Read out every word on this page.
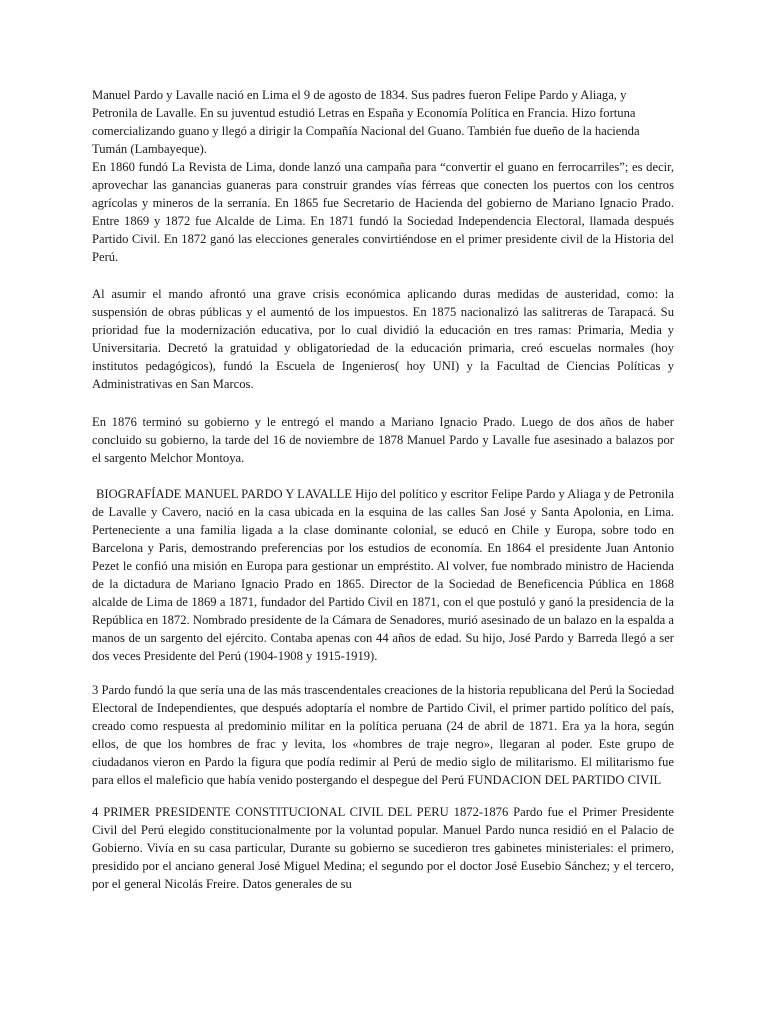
Manuel Pardo y Lavalle nació en Lima el 9 de agosto de 1834. Sus padres fueron Felipe Pardo y Aliaga, y Petronila de Lavalle. En su juventud estudió Letras en España y Economía Política en Francia. Hizo fortuna comercializando guano y llegó a dirigir la Compañía Nacional del Guano. También fue dueño de la hacienda Tumán (Lambayeque).

En 1860 fundó La Revista de Lima, donde lanzó una campaña para “convertir el guano en ferrocarriles”; es decir, aprovechar las ganancias guaneras para construir grandes vías férreas que conecten los puertos con los centros agrícolas y mineros de la serranía. En 1865 fue Secretario de Hacienda del gobierno de Mariano Ignacio Prado. Entre 1869 y 1872 fue Alcalde de Lima. En 1871 fundó la Sociedad Independencia Electoral, llamada después Partido Civil. En 1872 ganó las elecciones generales convirtiéndose en el primer presidente civil de la Historia del Perú.

Al asumir el mando afrontó una grave crisis económica aplicando duras medidas de austeridad, como: la suspensión de obras públicas y el aumentó de los impuestos. En 1875 nacionalizó las salitreras de Tarapacá. Su prioridad fue la modernización educativa, por lo cual dividió la educación en tres ramas: Primaria, Media y Universitaria. Decretó la gratuidad y obligatoriedad de la educación primaria, creó escuelas normales (hoy institutos pedagógicos), fundó la Escuela de Ingenieros( hoy UNI) y la Facultad de Ciencias Políticas y Administrativas en San Marcos.

En 1876 terminó su gobierno y le entregó el mando a Mariano Ignacio Prado. Luego de dos años de haber concluido su gobierno, la tarde del 16 de noviembre de 1878 Manuel Pardo y Lavalle fue asesinado a balazos por el sargento Melchor Montoya.

BIOGRAFÍADE MANUEL PARDO Y LAVALLE Hijo del político y escritor Felipe Pardo y Aliaga y de Petronila de Lavalle y Cavero, nació en la casa ubicada en la esquina de las calles San José y Santa Apolonia, en Lima. Perteneciente a una familia ligada a la clase dominante colonial, se educó en Chile y Europa, sobre todo en Barcelona y Paris, demostrando preferencias por los estudios de economía. En 1864 el presidente Juan Antonio Pezet le confió una misión en Europa para gestionar un empréstito. Al volver, fue nombrado ministro de Hacienda de la dictadura de Mariano Ignacio Prado en 1865. Director de la Sociedad de Beneficencia Pública en 1868 alcalde de Lima de 1869 a 1871, fundador del Partido Civil en 1871, con el que postuló y ganó la presidencia de la República en 1872. Nombrado presidente de la Cámara de Senadores, murió asesinado de un balazo en la espalda a manos de un sargento del ejército. Contaba apenas con 44 años de edad. Su hijo, José Pardo y Barreda llegó a ser dos veces Presidente del Perú (1904-1908 y 1915-1919).

3 Pardo fundó la que sería una de las más trascendentales creaciones de la historia republicana del Perú la Sociedad Electoral de Independientes, que después adoptaría el nombre de Partido Civil, el primer partido político del país, creado como respuesta al predominio militar en la política peruana (24 de abril de 1871. Era ya la hora, según ellos, de que los hombres de frac y levita, los «hombres de traje negro», llegaran al poder. Este grupo de ciudadanos vieron en Pardo la figura que podía redimir al Perú de medio siglo de militarismo. El militarismo fue para ellos el maleficio que había venido postergando el despegue del Perú FUNDACION DEL PARTIDO CIVIL

4 PRIMER PRESIDENTE CONSTITUCIONAL CIVIL DEL PERU 1872-1876 Pardo fue el Primer Presidente Civil del Perú elegido constitucionalmente por la voluntad popular. Manuel Pardo nunca residió en el Palacio de Gobierno. Vivía en su casa particular, Durante su gobierno se sucedieron tres gabinetes ministeriales: el primero, presidido por el anciano general José Miguel Medina; el segundo por el doctor José Eusebio Sánchez; y el tercero, por el general Nicolás Freire. Datos generales de su
